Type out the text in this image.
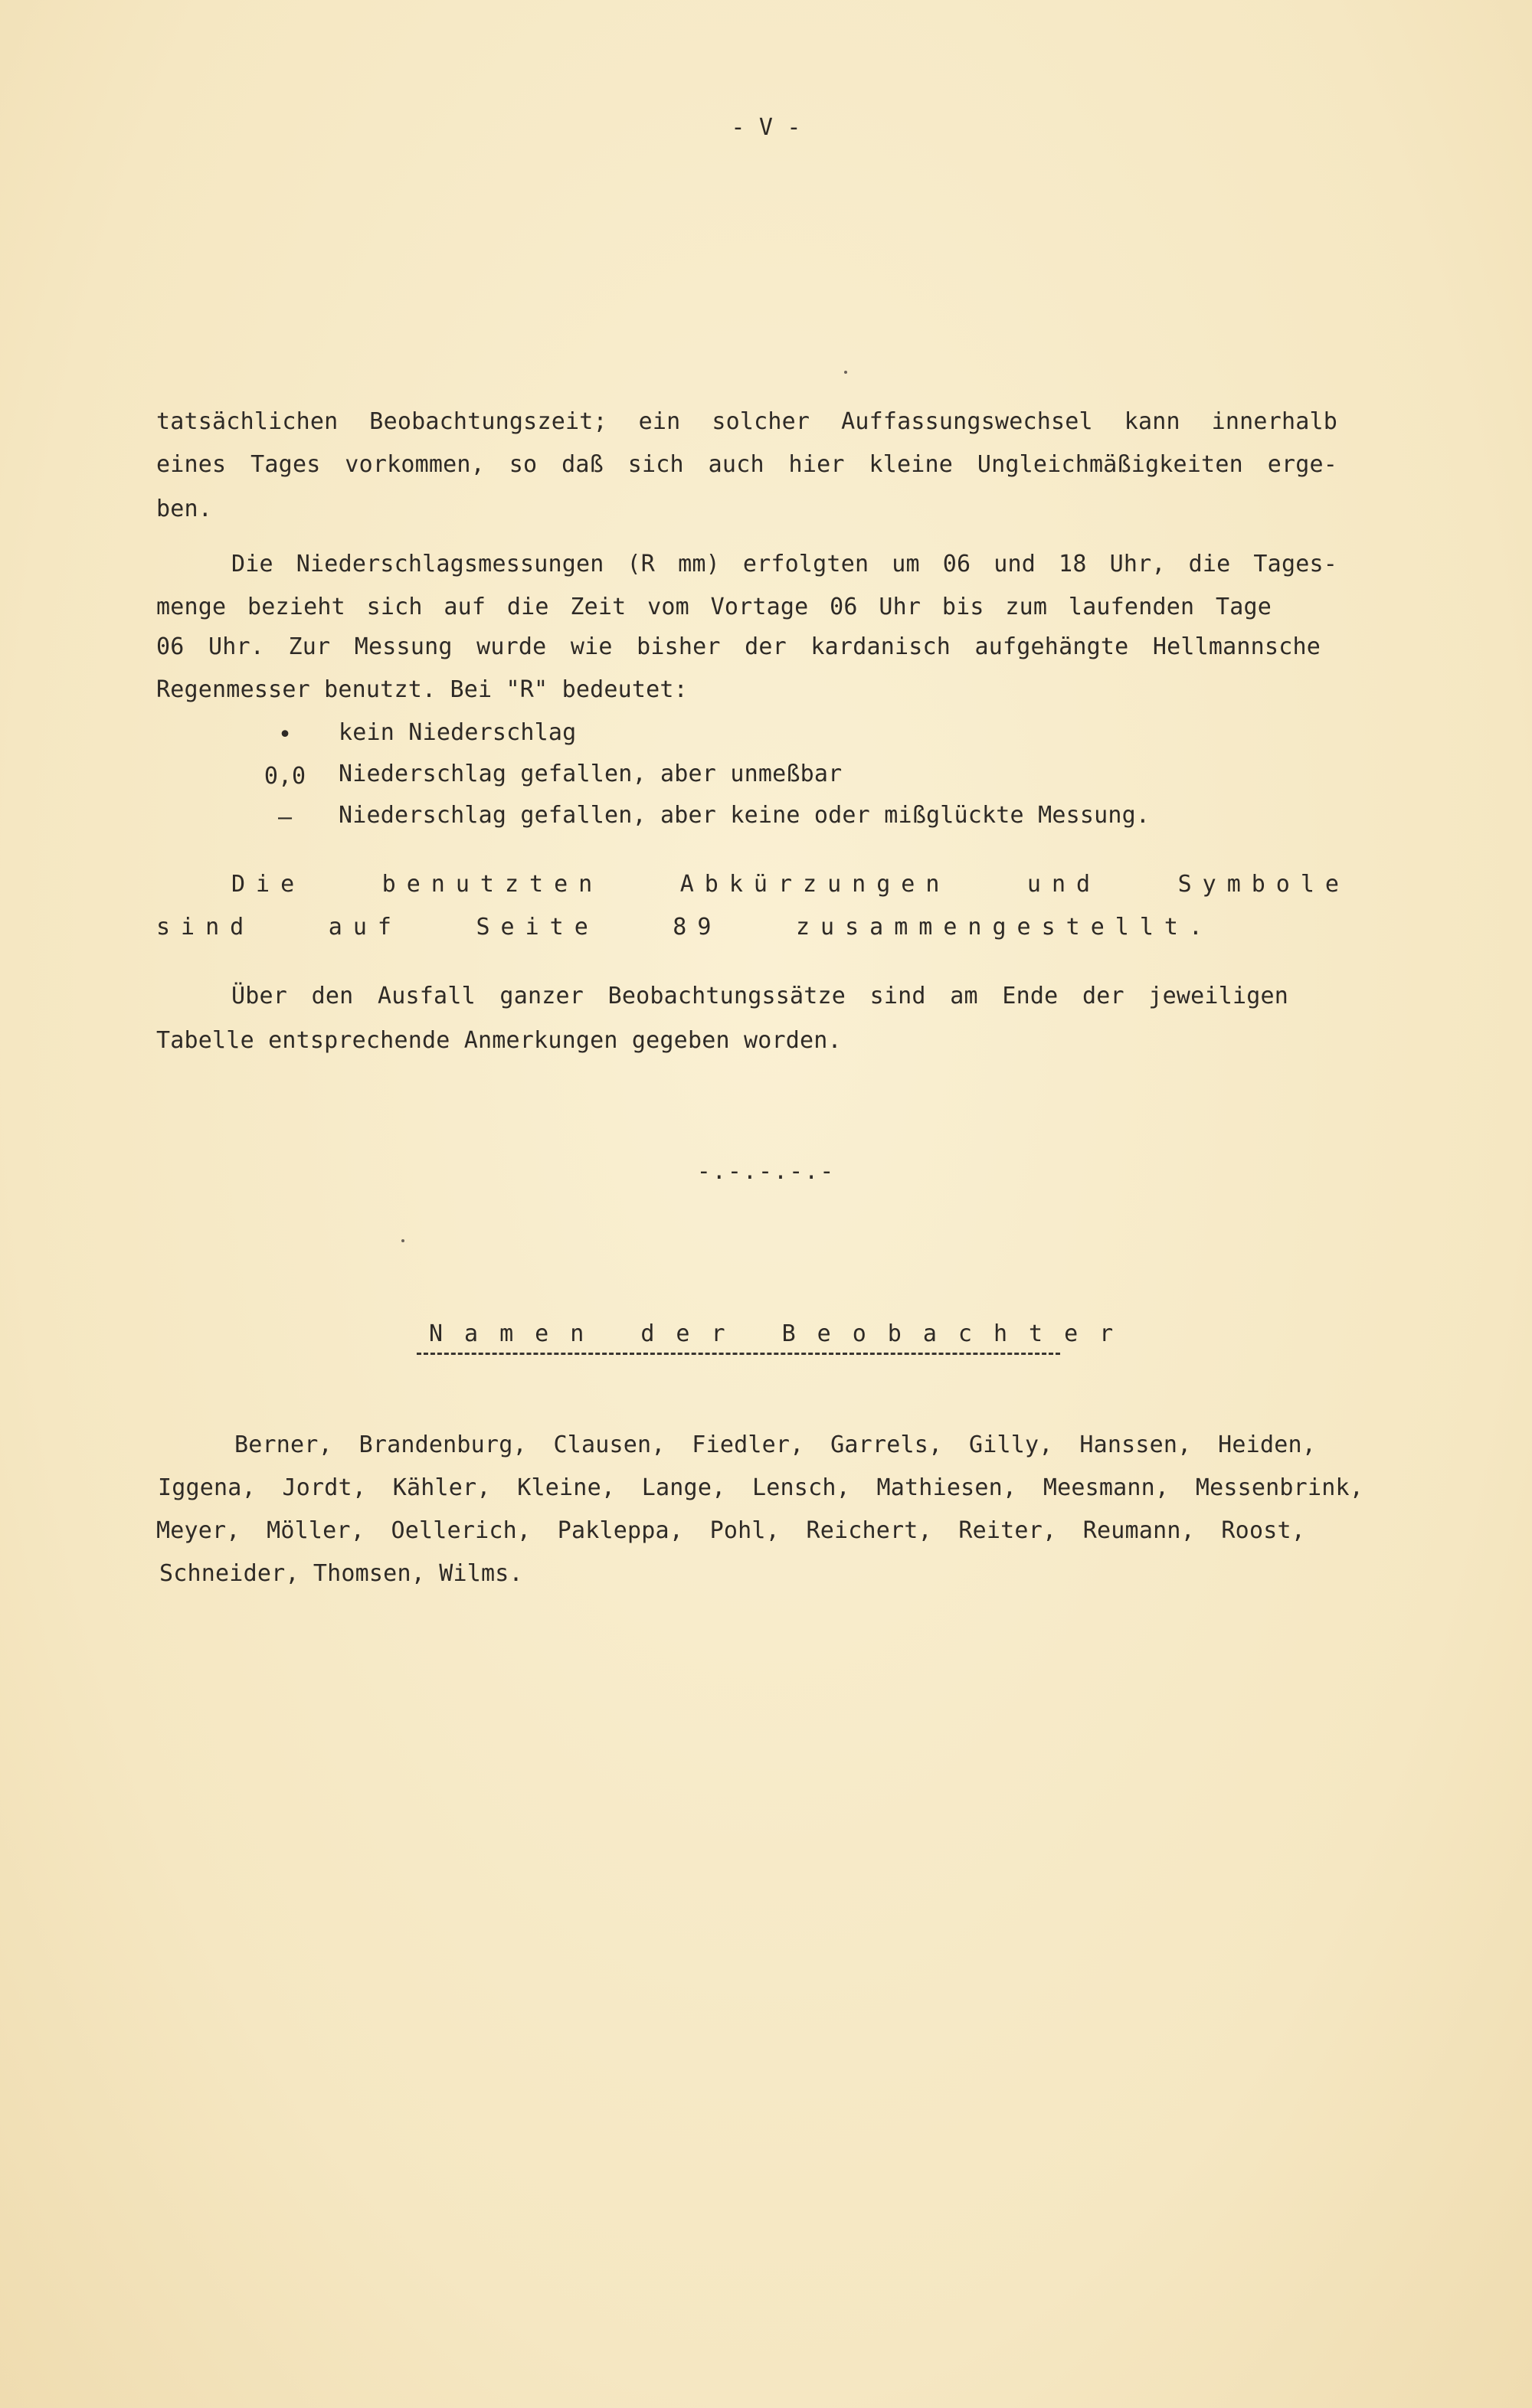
- V -
tatsächlichen Beobachtungszeit; ein solcher Auffassungswechsel kann innerhalb
eines Tages vorkommen, so daß sich auch hier kleine Ungleichmäßigkeiten erge-
ben.
Die Niederschlagsmessungen (R mm) erfolgten um 06 und 18 Uhr, die Tages-
menge bezieht sich auf die Zeit vom Vortage 06 Uhr bis zum laufenden Tage
06 Uhr. Zur Messung wurde wie bisher der kardanisch aufgehängte Hellmannsche
Regenmesser benutzt. Bei "R" bedeutet:
•	kein Niederschlag
0,0	Niederschlag gefallen, aber unmeßbar
—	Niederschlag gefallen, aber keine oder mißglückte Messung.
Die benutzten Abkürzungen und Symbole
sind auf Seite 89 zusammengestellt.
Über den Ausfall ganzer Beobachtungssätze sind am Ende der jeweiligen
Tabelle entsprechende Anmerkungen gegeben worden.
-.-.-.-.-
Namen der Beobachter
Berner, Brandenburg, Clausen, Fiedler, Garrels, Gilly, Hanssen, Heiden,
Iggena, Jordt, Kähler, Kleine, Lange, Lensch, Mathiesen, Meesmann, Messenbrink,
Meyer, Möller, Oellerich, Pakleppa, Pohl, Reichert, Reiter, Reumann, Roost,
Schneider, Thomsen, Wilms.
